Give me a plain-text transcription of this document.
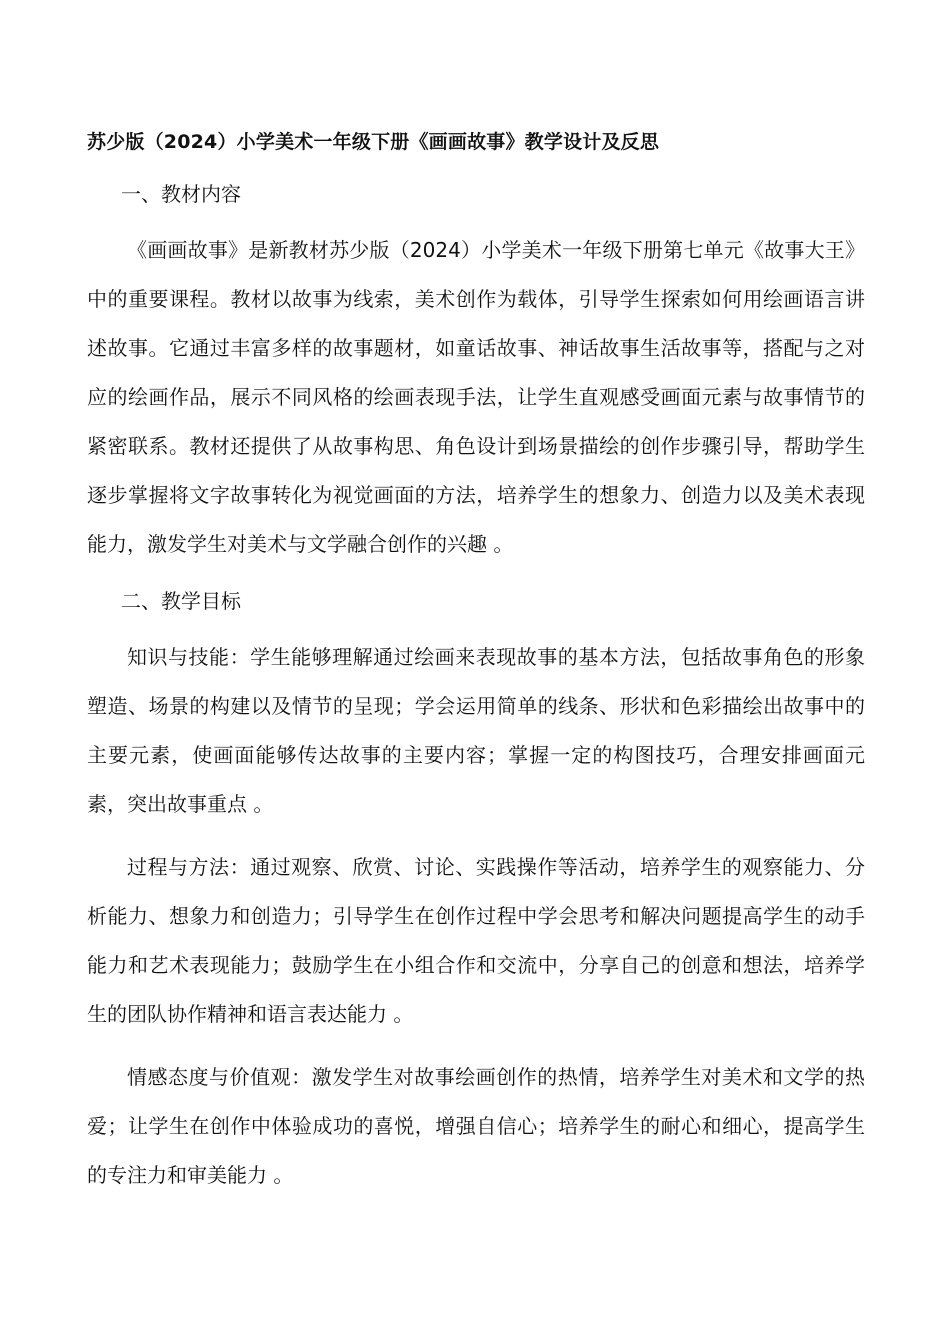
苏少版（2024）小学美术一年级下册《画画故事》教学设计及反思
一、教材内容

《画画故事》是新教材苏少版（2024）小学美术一年级下册第七单元《故事大王》中的重要课程。教材以故事为线索，美术创作为载体，引导学生探索如何用绘画语言讲述故事。它通过丰富多样的故事题材，如童话故事、神话故事生活故事等，搭配与之对应的绘画作品，展示不同风格的绘画表现手法，让学生直观感受画面元素与故事情节的紧密联系。教材还提供了从故事构思、角色设计到场景描绘的创作步骤引导，帮助学生逐步掌握将文字故事转化为视觉画面的方法，培养学生的想象力、创造力以及美术表现能力，激发学生对美术与文学融合创作的兴趣 。

二、教学目标

知识与技能：学生能够理解通过绘画来表现故事的基本方法，包括故事角色的形象塑造、场景的构建以及情节的呈现；学会运用简单的线条、形状和色彩描绘出故事中的主要元素，使画面能够传达故事的主要内容；掌握一定的构图技巧，合理安排画面元素，突出故事重点 。

过程与方法：通过观察、欣赏、讨论、实践操作等活动，培养学生的观察能力、分析能力、想象力和创造力；引导学生在创作过程中学会思考和解决问题提高学生的动手能力和艺术表现能力；鼓励学生在小组合作和交流中，分享自己的创意和想法，培养学生的团队协作精神和语言表达能力 。

情感态度与价值观：激发学生对故事绘画创作的热情，培养学生对美术和文学的热爱；让学生在创作中体验成功的喜悦，增强自信心；培养学生的耐心和细心，提高学生的专注力和审美能力 。
